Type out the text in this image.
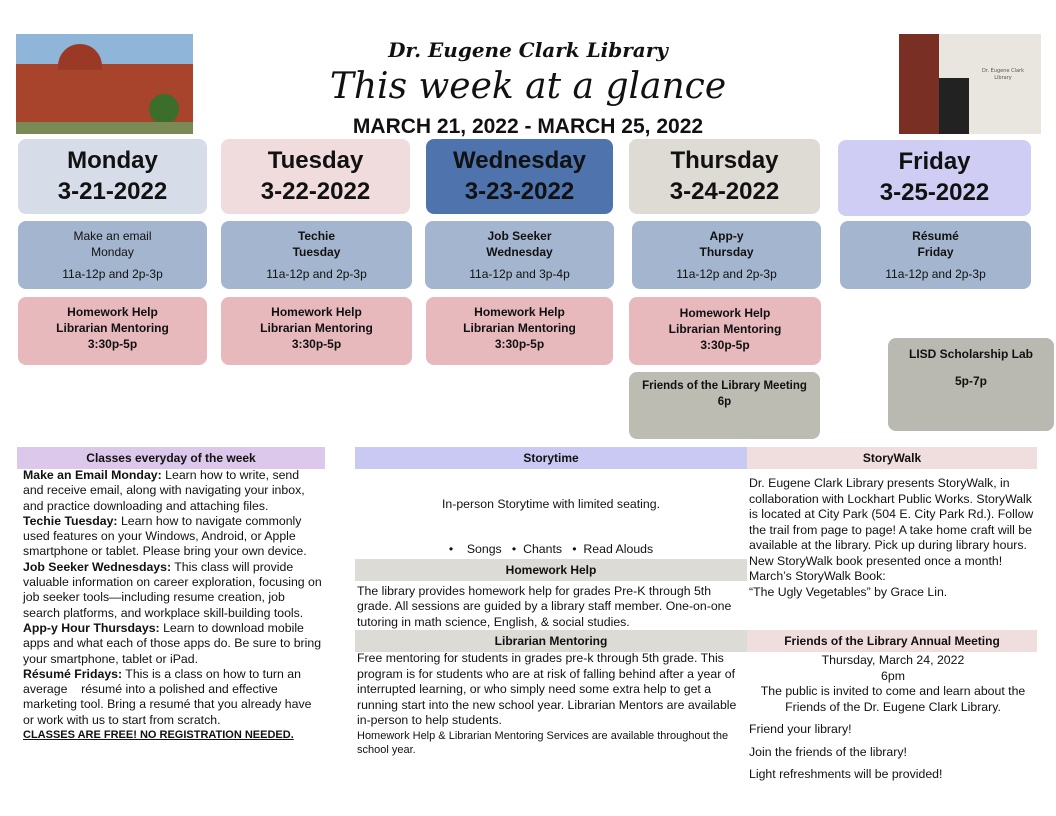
Dr. Eugene Clark Library
Dr. Eugene Clark Library
This week at a glance
MARCH 21, 2022 - MARCH 25, 2022
Monday
3-21-2022
Tuesday
3-22-2022
Wednesday
3-23-2022
Thursday
3-24-2022
Friday
3-25-2022
Make an email
Monday
11a-12p and 2p-3p
Techie
Tuesday
11a-12p and 2p-3p
Job Seeker
Wednesday
11a-12p and 3p-4p
App-y
Thursday
11a-12p and 2p-3p
Résumé
Friday
11a-12p and 2p-3p
Homework Help
Librarian Mentoring
3:30p-5p
Homework Help
Librarian Mentoring
3:30p-5p
Homework Help
Librarian Mentoring
3:30p-5p
Homework Help
Librarian Mentoring
3:30p-5p
Friends of the Library Meeting
6p
LISD Scholarship Lab
5p-7p
Classes everyday of the week
Make an Email Monday: Learn how to write, send and receive email, along with navigating your inbox, and practice downloading and attaching files.
Techie Tuesday: Learn how to navigate commonly used features on your Windows, Android, or Apple smartphone or tablet. Please bring your own device.
Job Seeker Wednesdays: This class will provide valuable information on career exploration, focusing on job seeker tools—including resume creation, job search platforms, and workplace skill-building tools.
App-y Hour Thursdays: Learn to download mobile apps and what each of those apps do. Be sure to bring your smartphone, tablet or iPad.
Résumé Fridays: This is a class on how to turn an average    résumé into a polished and effective marketing tool. Bring a resumé that you already have  or work with us to start from scratch.
CLASSES ARE FREE! NO REGISTRATION NEEDED.
Storytime

In-person Storytime with limited seating.

•    Songs   •  Chants   •  Read Alouds

Homework Help
The library provides homework help for grades Pre-K through 5th grade. All sessions are guided by a library staff member. One-on-one tutoring in math science, English, & social studies.
Librarian Mentoring
Free mentoring for students in grades pre-k through 5th grade. This program is for students who are at risk of falling behind after a year of interrupted learning, or who simply need some extra help to get a running start into the new school year. Librarian Mentors are available in-person to help students.
Homework Help & Librarian Mentoring Services are available throughout the school year.
StoryWalk
Dr. Eugene Clark Library presents StoryWalk, in collaboration with Lockhart Public Works. StoryWalk is located at City Park (504 E. City Park Rd.). Follow the trail from page to page! A take home craft will be available at the library. Pick up during library hours. New StoryWalk book presented once a month!
March’s StoryWalk Book:
“The Ugly Vegetables” by Grace Lin.
Friends of the Library Annual Meeting
Thursday, March 24, 2022
6pm
The public is invited to come and learn about the Friends of the Dr. Eugene Clark Library.
Friend your library!
Join the friends of the library!
Light refreshments will be provided!
